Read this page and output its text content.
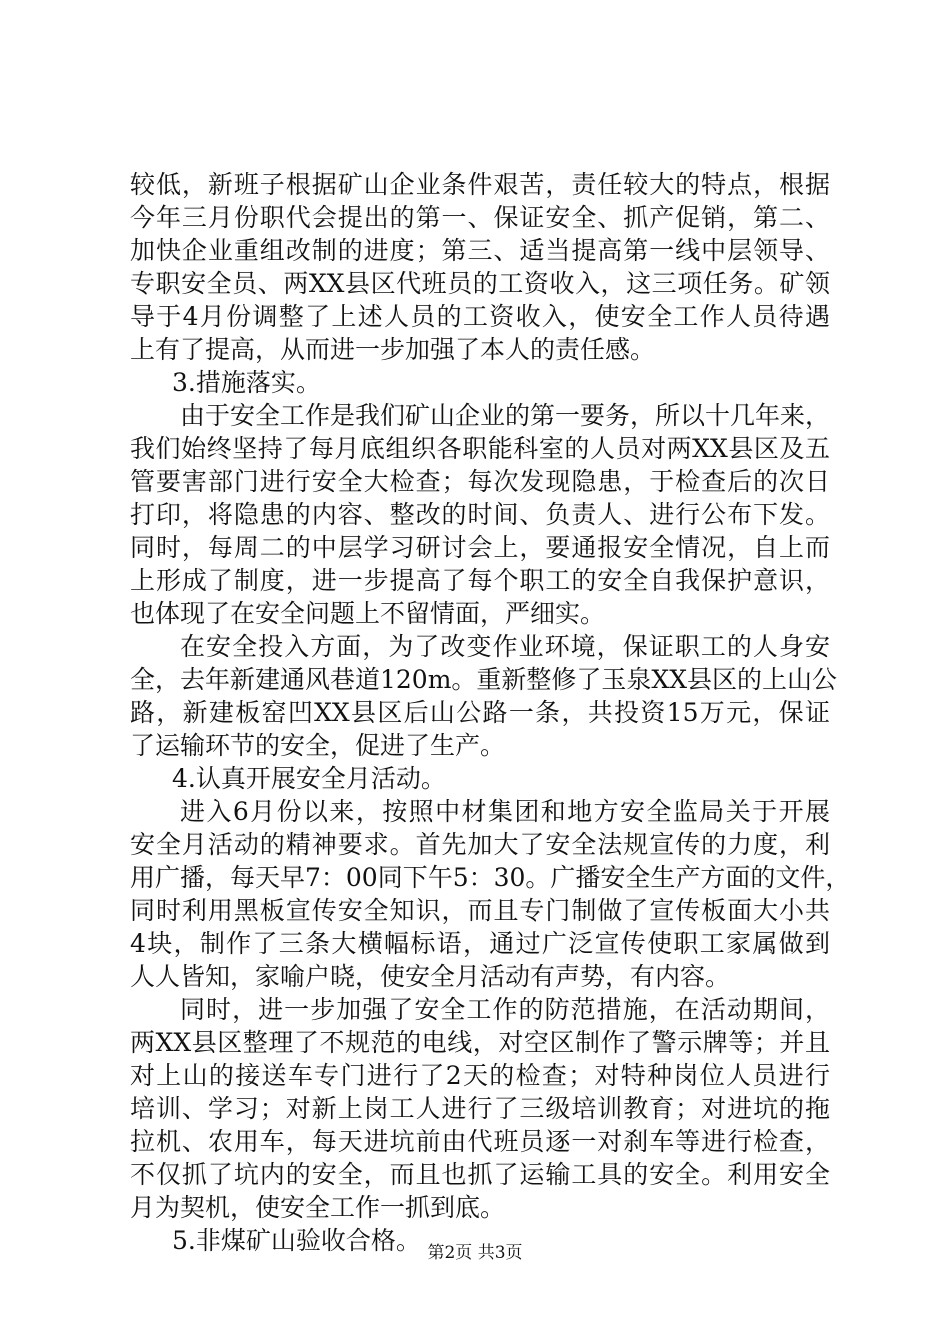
较低，新班子根据矿山企业条件艰苦，责任较大的特点，根据
今年三月份职代会提出的第一、保证安全、抓产促销，第二、
加快企业重组改制的进度；第三、适当提高第一线中层领导、
专职安全员、两XX县区代班员的工资收入，这三项任务。矿领
导于4月份调整了上述人员的工资收入，使安全工作人员待遇
上有了提高，从而进一步加强了本人的责任感。
3.措施落实。
由于安全工作是我们矿山企业的第一要务，所以十几年来，
我们始终坚持了每月底组织各职能科室的人员对两XX县区及五
管要害部门进行安全大检查；每次发现隐患，于检查后的次日
打印，将隐患的内容、整改的时间、负责人、进行公布下发。
同时，每周二的中层学习研讨会上，要通报安全情况，自上而
上形成了制度，进一步提高了每个职工的安全自我保护意识，
也体现了在安全问题上不留情面，严细实。
在安全投入方面，为了改变作业环境，保证职工的人身安
全，去年新建通风巷道120m。重新整修了玉泉XX县区的上山公
路，新建板窑凹XX县区后山公路一条，共投资15万元，保证
了运输环节的安全，促进了生产。
4.认真开展安全月活动。
进入6月份以来，按照中材集团和地方安全监局关于开展
安全月活动的精神要求。首先加大了安全法规宣传的力度，利
用广播，每天早7：00同下午5：30。广播安全生产方面的文件，
同时利用黑板宣传安全知识，而且专门制做了宣传板面大小共
4块，制作了三条大横幅标语，通过广泛宣传使职工家属做到
人人皆知，家喻户晓，使安全月活动有声势，有内容。
同时，进一步加强了安全工作的防范措施，在活动期间，
两XX县区整理了不规范的电线，对空区制作了警示牌等；并且
对上山的接送车专门进行了2天的检查；对特种岗位人员进行
培训、学习；对新上岗工人进行了三级培训教育；对进坑的拖
拉机、农用车，每天进坑前由代班员逐一对刹车等进行检查，
不仅抓了坑内的安全，而且也抓了运输工具的安全。利用安全
月为契机，使安全工作一抓到底。
5.非煤矿山验收合格。 第2页 共3页
